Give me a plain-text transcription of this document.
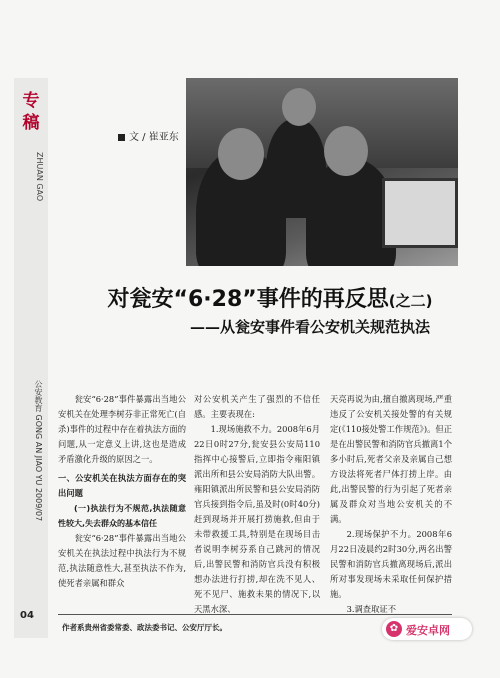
专稿
ZHUAN GAO
公安教育 GONG AN JIAO YU 2009/07
04
文 / 崔亚东
对瓮安“6·28”事件的再反思(之二)
——从瓮安事件看公安机关规范执法

瓮安“6·28”事件暴露出当地公安机关在处理李树芬非正常死亡(自杀)事件的过程中存在着执法方面的问题,从一定意义上讲,这也是造成矛盾激化升级的原因之一。

一、公安机关在执法方面存在的突出问题

(一)执法行为不规范,执法随意性较大,失去群众的基本信任

瓮安“6·28”事件暴露出当地公安机关在执法过程中执法行为不规范,执法随意性大,甚至执法不作为,使死者亲属和群众

对公安机关产生了强烈的不信任感。主要表现在:

1.现场施救不力。2008年6月22日0时27分,瓮安县公安局110指挥中心接警后,立即指令雍阳镇派出所和县公安局消防大队出警。雍阳镇派出所民警和县公安局消防官兵接到指令后,虽及时(0时40分)赶到现场并开展打捞施救,但由于未带救援工具,特别是在现场目击者说明李树芬系自己跳河的情况后,出警民警和消防官兵没有积极想办法进行打捞,却在洗不见人、死不见尸、施救未果的情况下,以天黑水深、

天亮再说为由,擅自撤离现场,严重违反了公安机关接处警的有关规定(《110接处警工作规范》)。但正是在出警民警和消防官兵撤离1个多小时后,死者父亲及亲属自己想方设法将死者尸体打捞上岸。由此,出警民警的行为引起了死者亲属及群众对当地公安机关的不满。

2.现场保护不力。2008年6月22日凌晨约2时30分,两名出警民警和消防官兵撤离现场后,派出所对事发现场未采取任何保护措施。

3.调查取证不

作者系贵州省委常委、政法委书记、公安厅厅长。	✿ 爱安卓网
